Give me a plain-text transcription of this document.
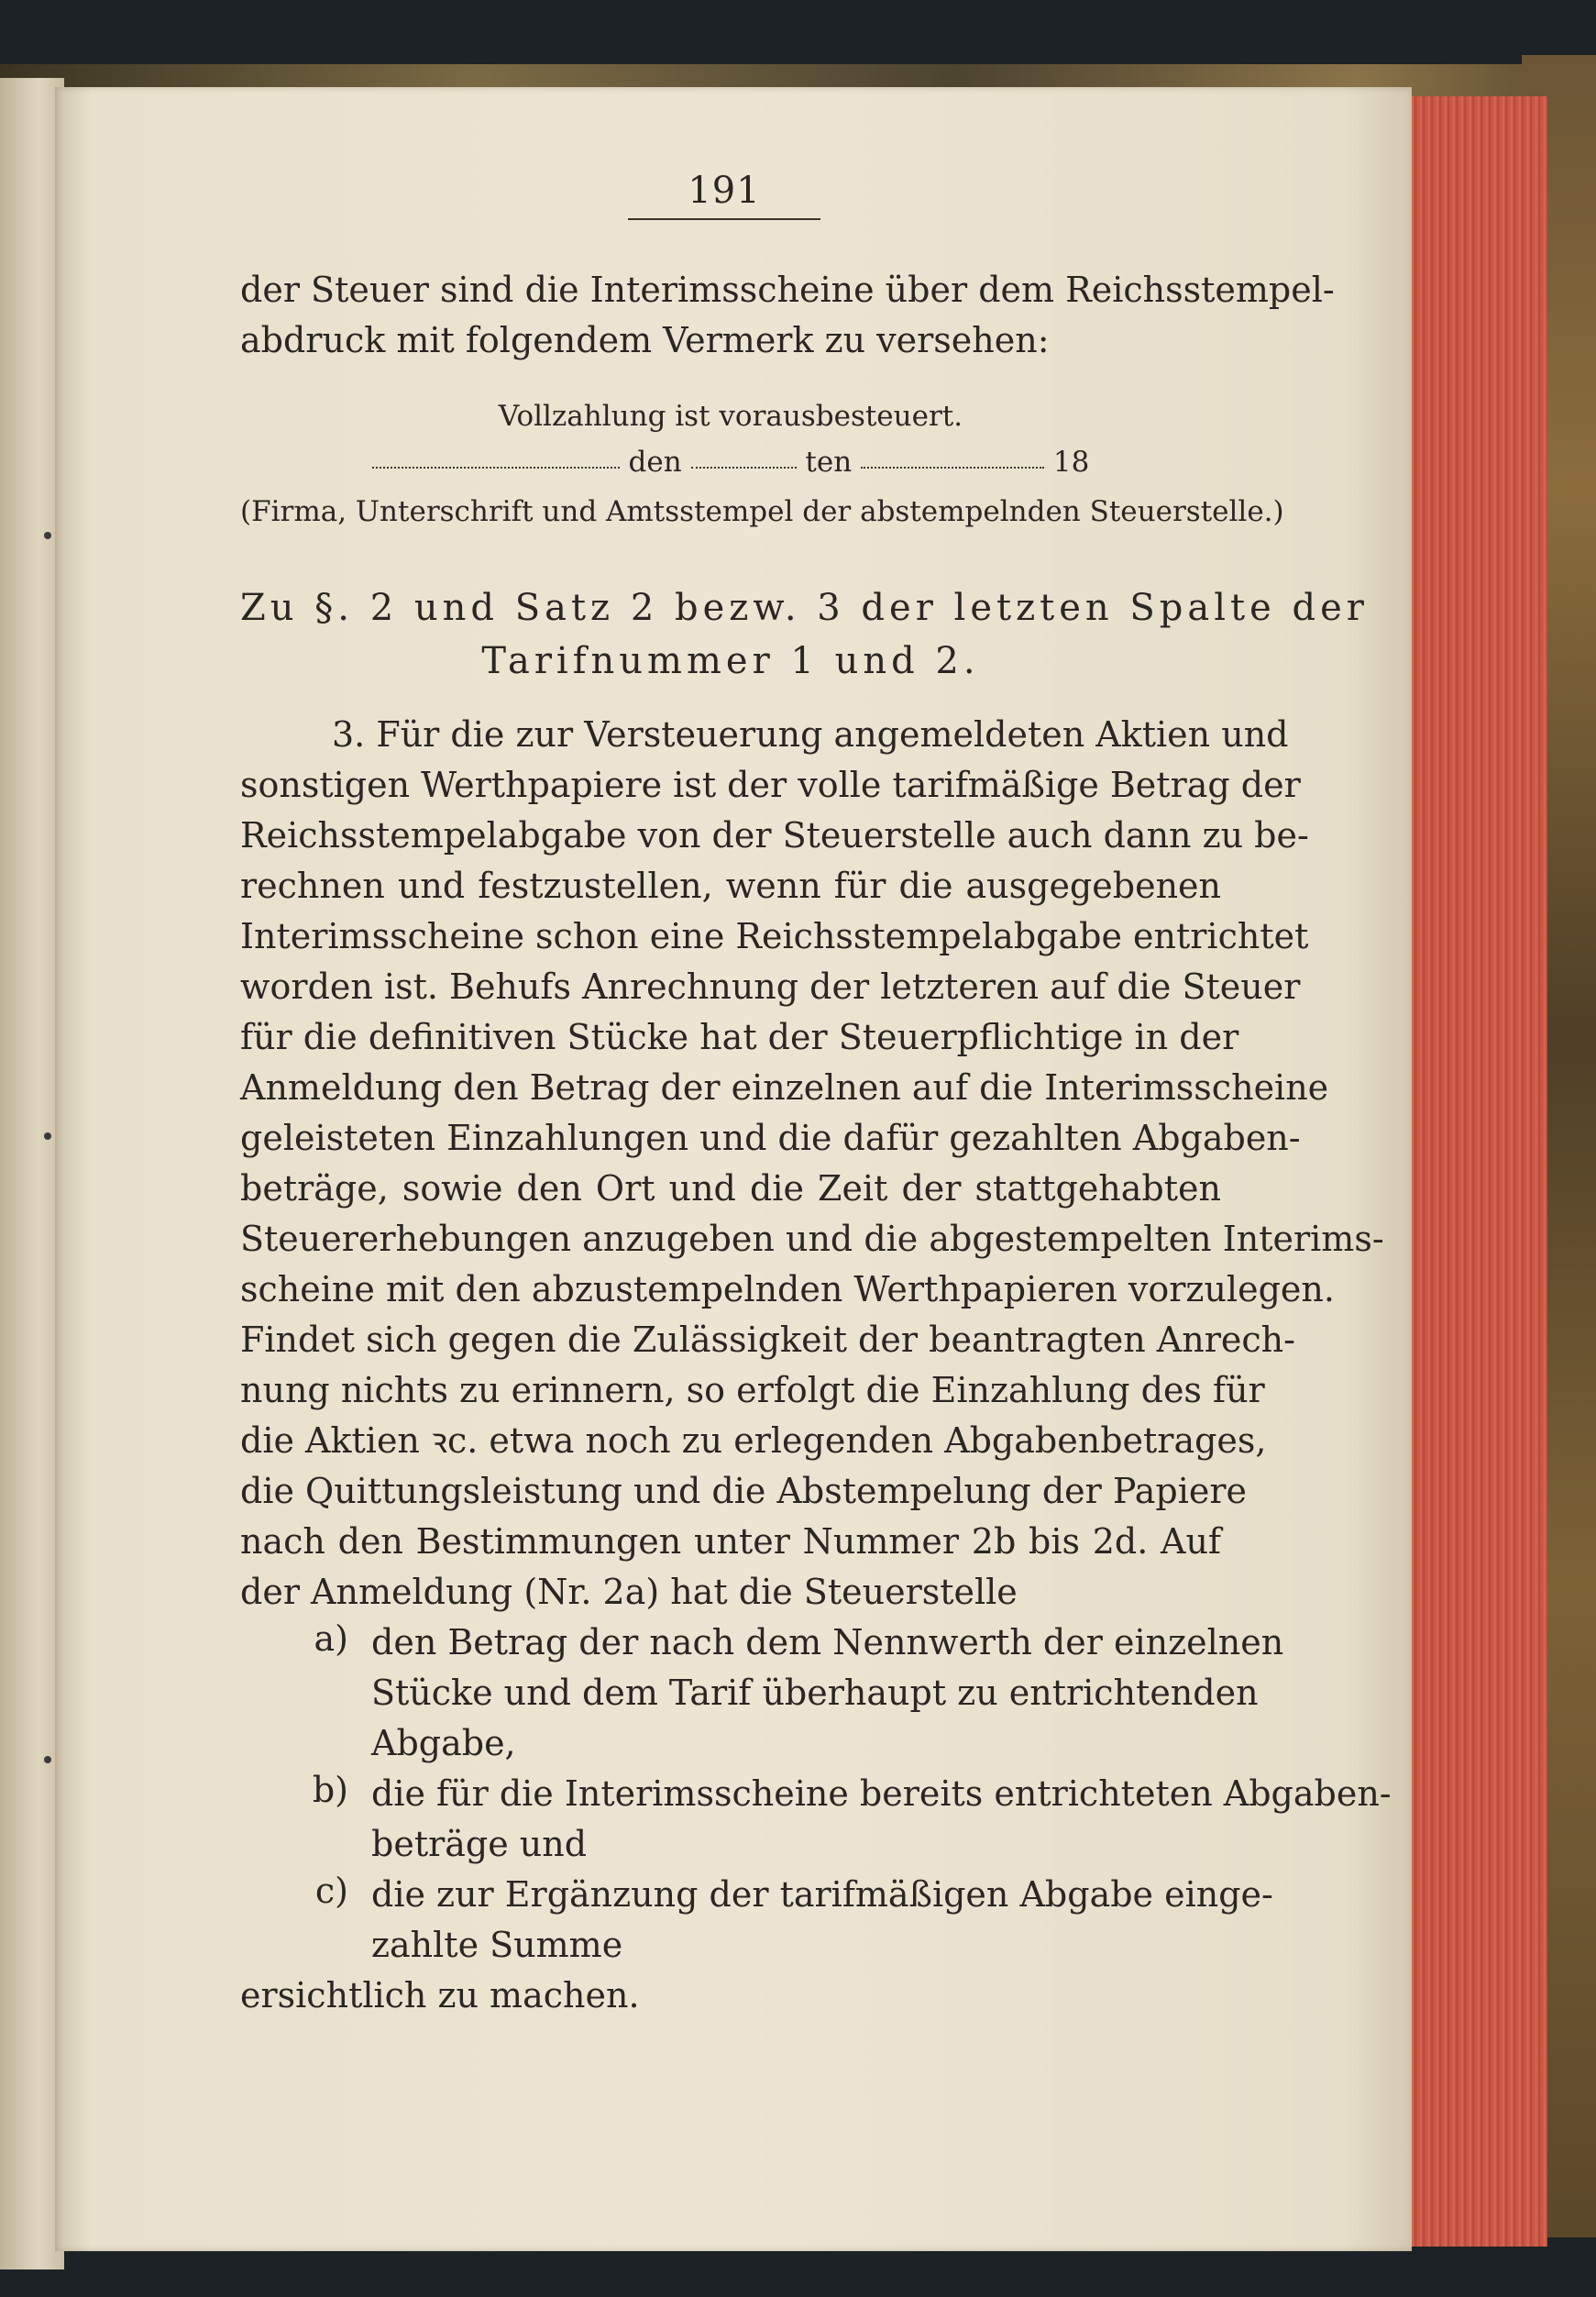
191
der Steuer sind die Interimsscheine über dem Reichsstempel-
abdruck mit folgendem Vermerk zu versehen:
Vollzahlung ist vorausbesteuert.
den	ten	18
(Firma, Unterschrift und Amtsstempel der abstempelnden Steuerstelle.)
Zu §. 2 und Satz 2 bezw. 3 der letzten Spalte der
Tarifnummer 1 und 2.
3. Für die zur Versteuerung angemeldeten Aktien und
sonstigen Werthpapiere ist der volle tarifmäßige Betrag der
Reichsstempelabgabe von der Steuerstelle auch dann zu be-
rechnen und festzustellen, wenn für die ausgegebenen
Interimsscheine schon eine Reichsstempelabgabe entrichtet
worden ist. Behufs Anrechnung der letzteren auf die Steuer
für die definitiven Stücke hat der Steuerpflichtige in der
Anmeldung den Betrag der einzelnen auf die Interimsscheine
geleisteten Einzahlungen und die dafür gezahlten Abgaben-
beträge, sowie den Ort und die Zeit der stattgehabten
Steuererhebungen anzugeben und die abgestempelten Interims-
scheine mit den abzustempelnden Werthpapieren vorzulegen.
Findet sich gegen die Zulässigkeit der beantragten Anrech-
nung nichts zu erinnern, so erfolgt die Einzahlung des für
die Aktien ꝛc. etwa noch zu erlegenden Abgabenbetrages,
die Quittungsleistung und die Abstempelung der Papiere
nach den Bestimmungen unter Nummer 2b bis 2d. Auf
der Anmeldung (Nr. 2a) hat die Steuerstelle
a) den Betrag der nach dem Nennwerth der einzelnen
Stücke und dem Tarif überhaupt zu entrichtenden
Abgabe,
b) die für die Interimsscheine bereits entrichteten Abgaben-
beträge und
c) die zur Ergänzung der tarifmäßigen Abgabe einge-
zahlte Summe
ersichtlich zu machen.
